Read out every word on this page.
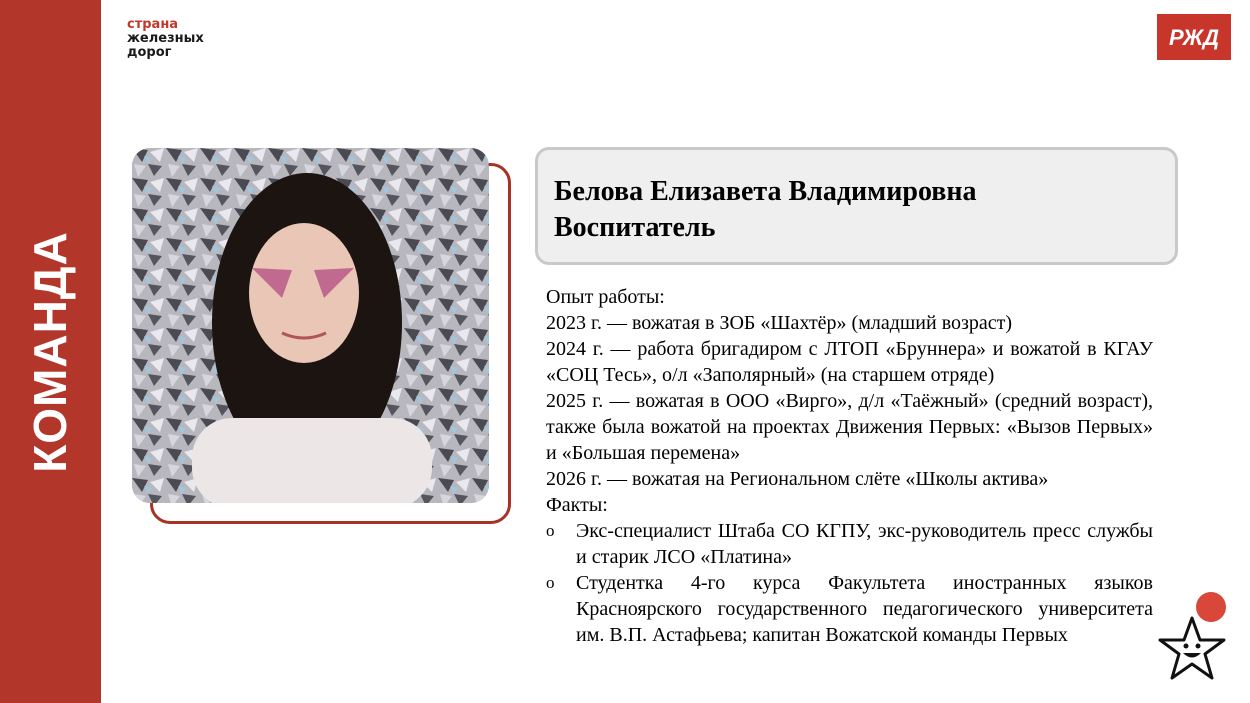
КОМАНДА
страна
железных
дорог
РЖД
Белова Елизавета Владимировна
Воспитатель
Опыт работы:
2023 г. — вожатая в ЗОБ «Шахтёр» (младший возраст)
2024 г. — работа бригадиром с ЛТОП «Бруннера» и вожатой в КГАУ «СОЦ Тесь», о/л «Заполярный» (на старшем отряде)
2025 г. — вожатая в ООО «Вирго», д/л «Таёжный» (средний возраст), также была вожатой на проектах Движения Первых: «Вызов Первых» и «Большая перемена»
2026 г. — вожатая на Региональном слёте «Школы актива»
Факты:
o Экс-специалист Штаба СО КГПУ, экс-руководитель пресс службы и старик ЛСО «Платина»
o Студентка 4-го курса Факультета иностранных языков Красноярского государственного педагогического университета им. В.П. Астафьева; капитан Вожатской команды Первых
